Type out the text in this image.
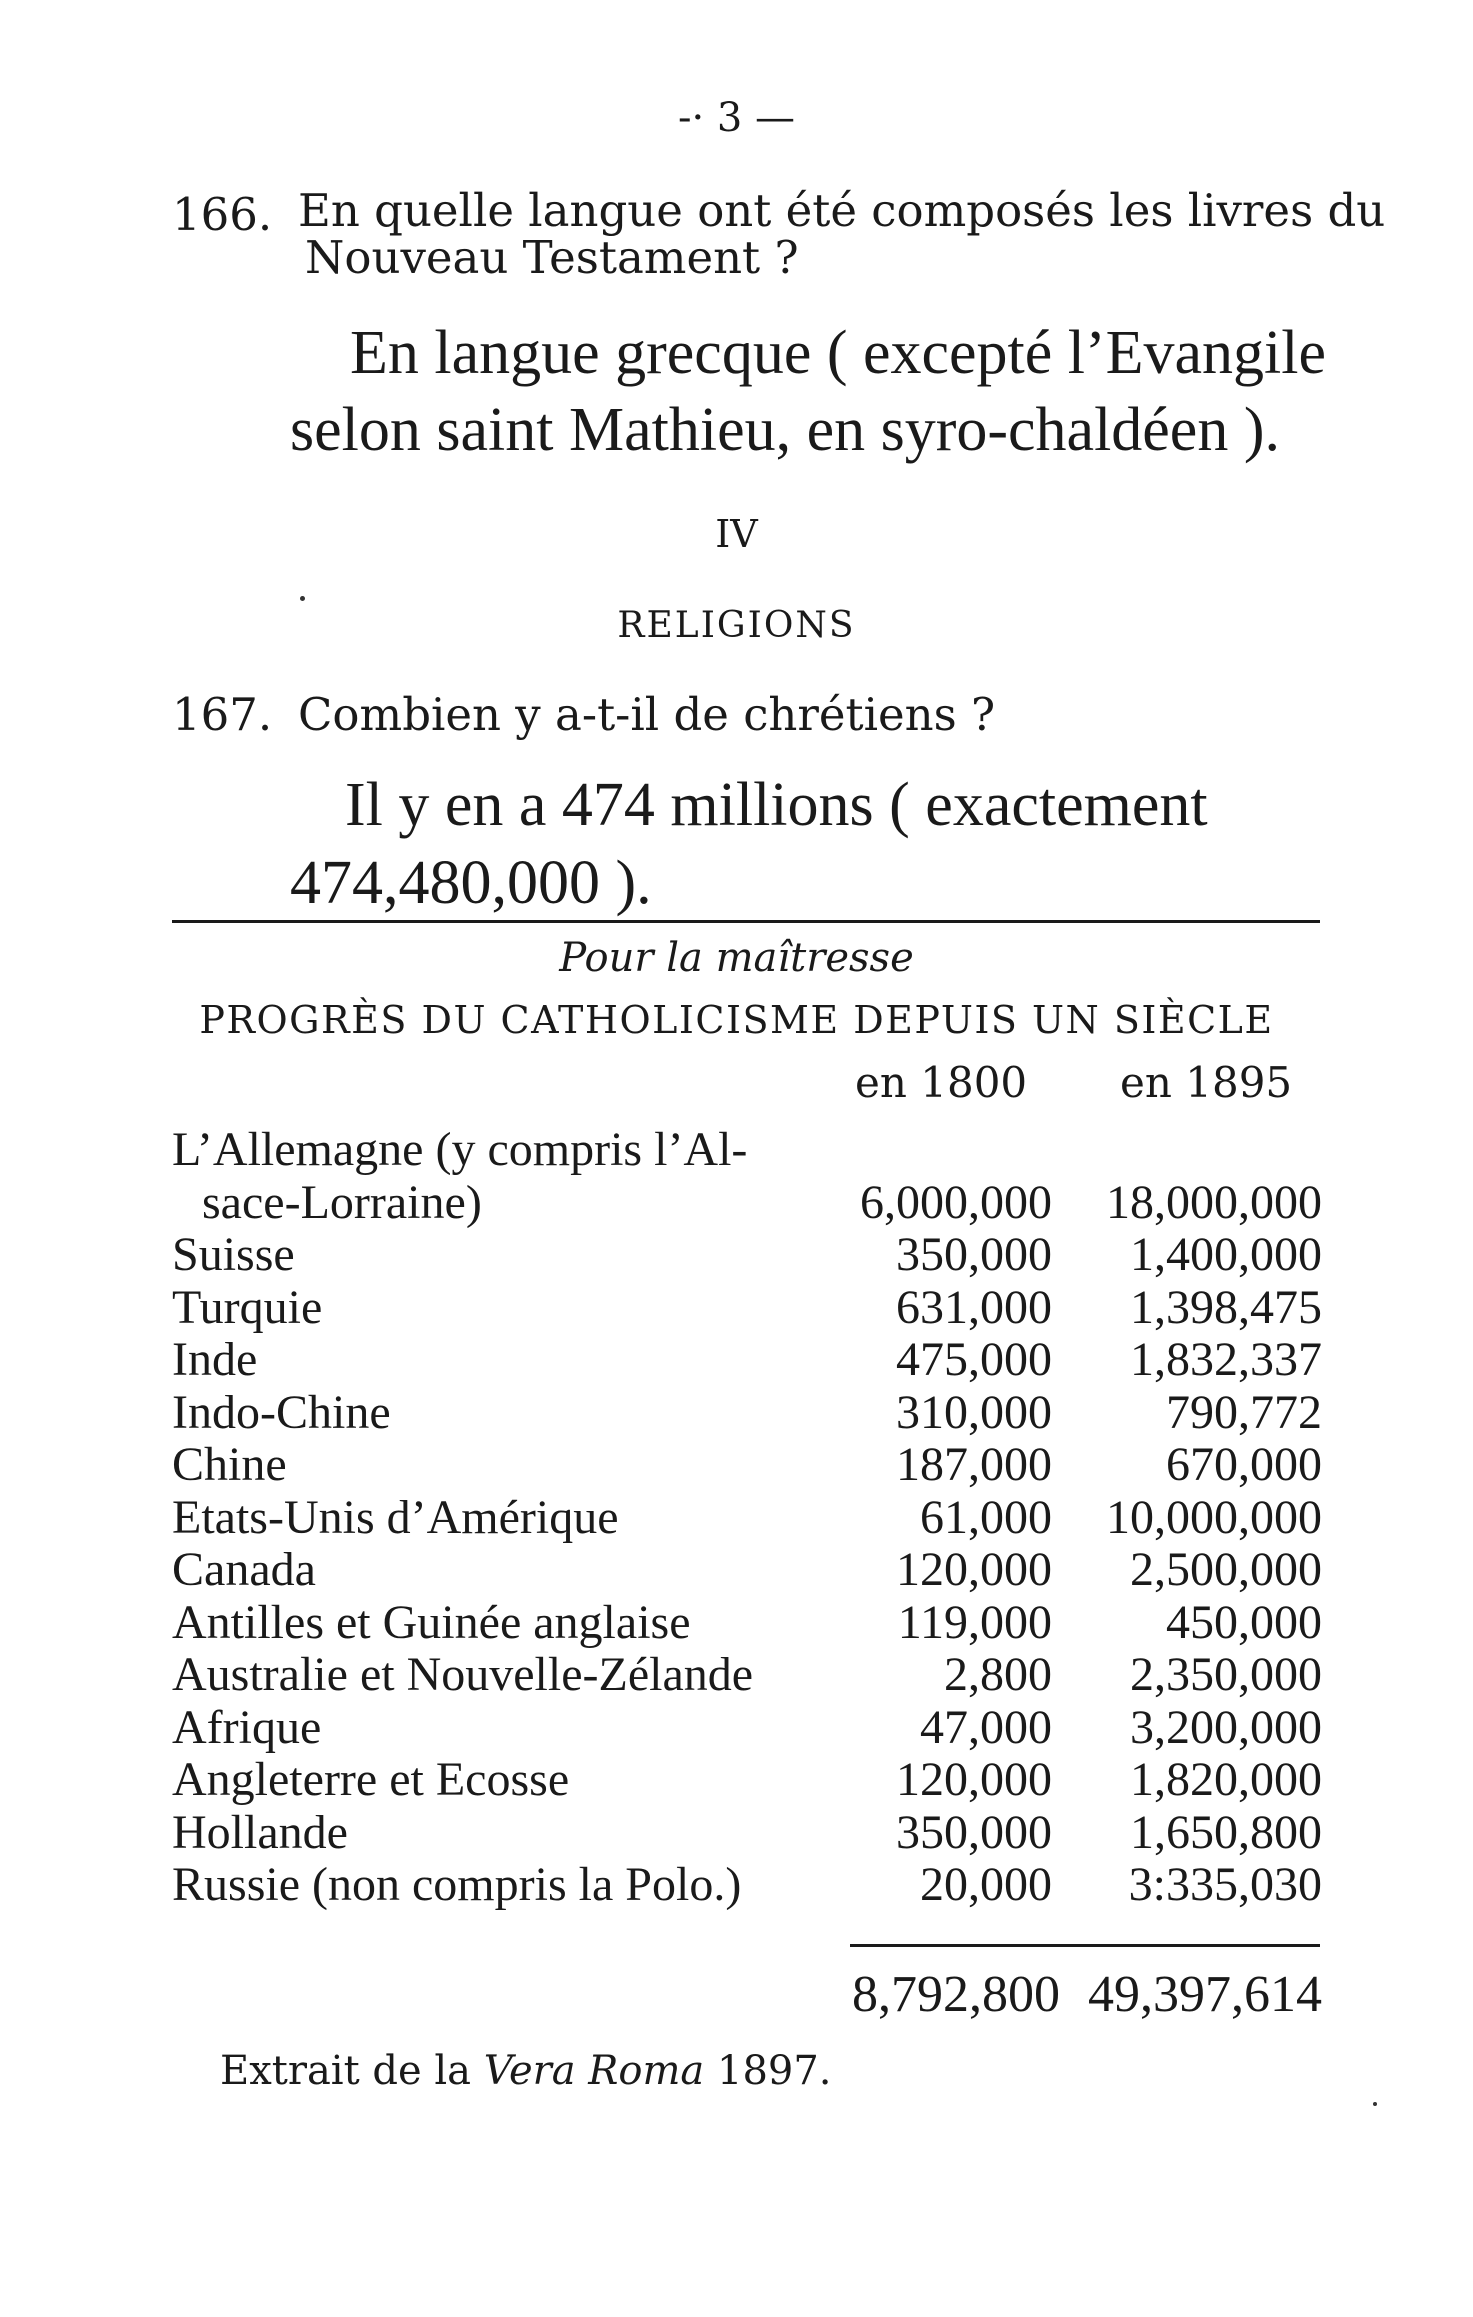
-· 3 —
166. En quelle langue ont été composés les livres du
Nouveau Testament ?
En langue grecque ( excepté l’Evangile
selon saint Mathieu, en syro-chaldéen ).
IV
RELIGIONS
167. Combien y a-t-il de chrétiens ?
Il y en a 474 millions ( exactement
474,480,000 ).
Pour la maîtresse
PROGRÈS DU CATHOLICISME DEPUIS UN SIÈCLE
en 1800 en 1895
L’Allemagne (y compris l’Al-
sace-Lorraine)	6,000,000 18,000,000
Suisse	350,000 1,400,000
Turquie	631,000 1,398,475
Inde	475,000 1,832,337
Indo-Chine	310,000 790,772
Chine	187,000 670,000
Etats-Unis d’Amérique	61,000 10,000,000
Canada	120,000 2,500,000
Antilles et Guinée anglaise	119,000 450,000
Australie et Nouvelle-Zélande	2,800 2,350,000
Afrique	47,000 3,200,000
Angleterre et Ecosse	120,000 1,820,000
Hollande	350,000 1,650,800
Russie (non compris la Polo.)	20,000 3:335,030
8,792,800 49,397,614
Extrait de la Vera Roma 1897.
